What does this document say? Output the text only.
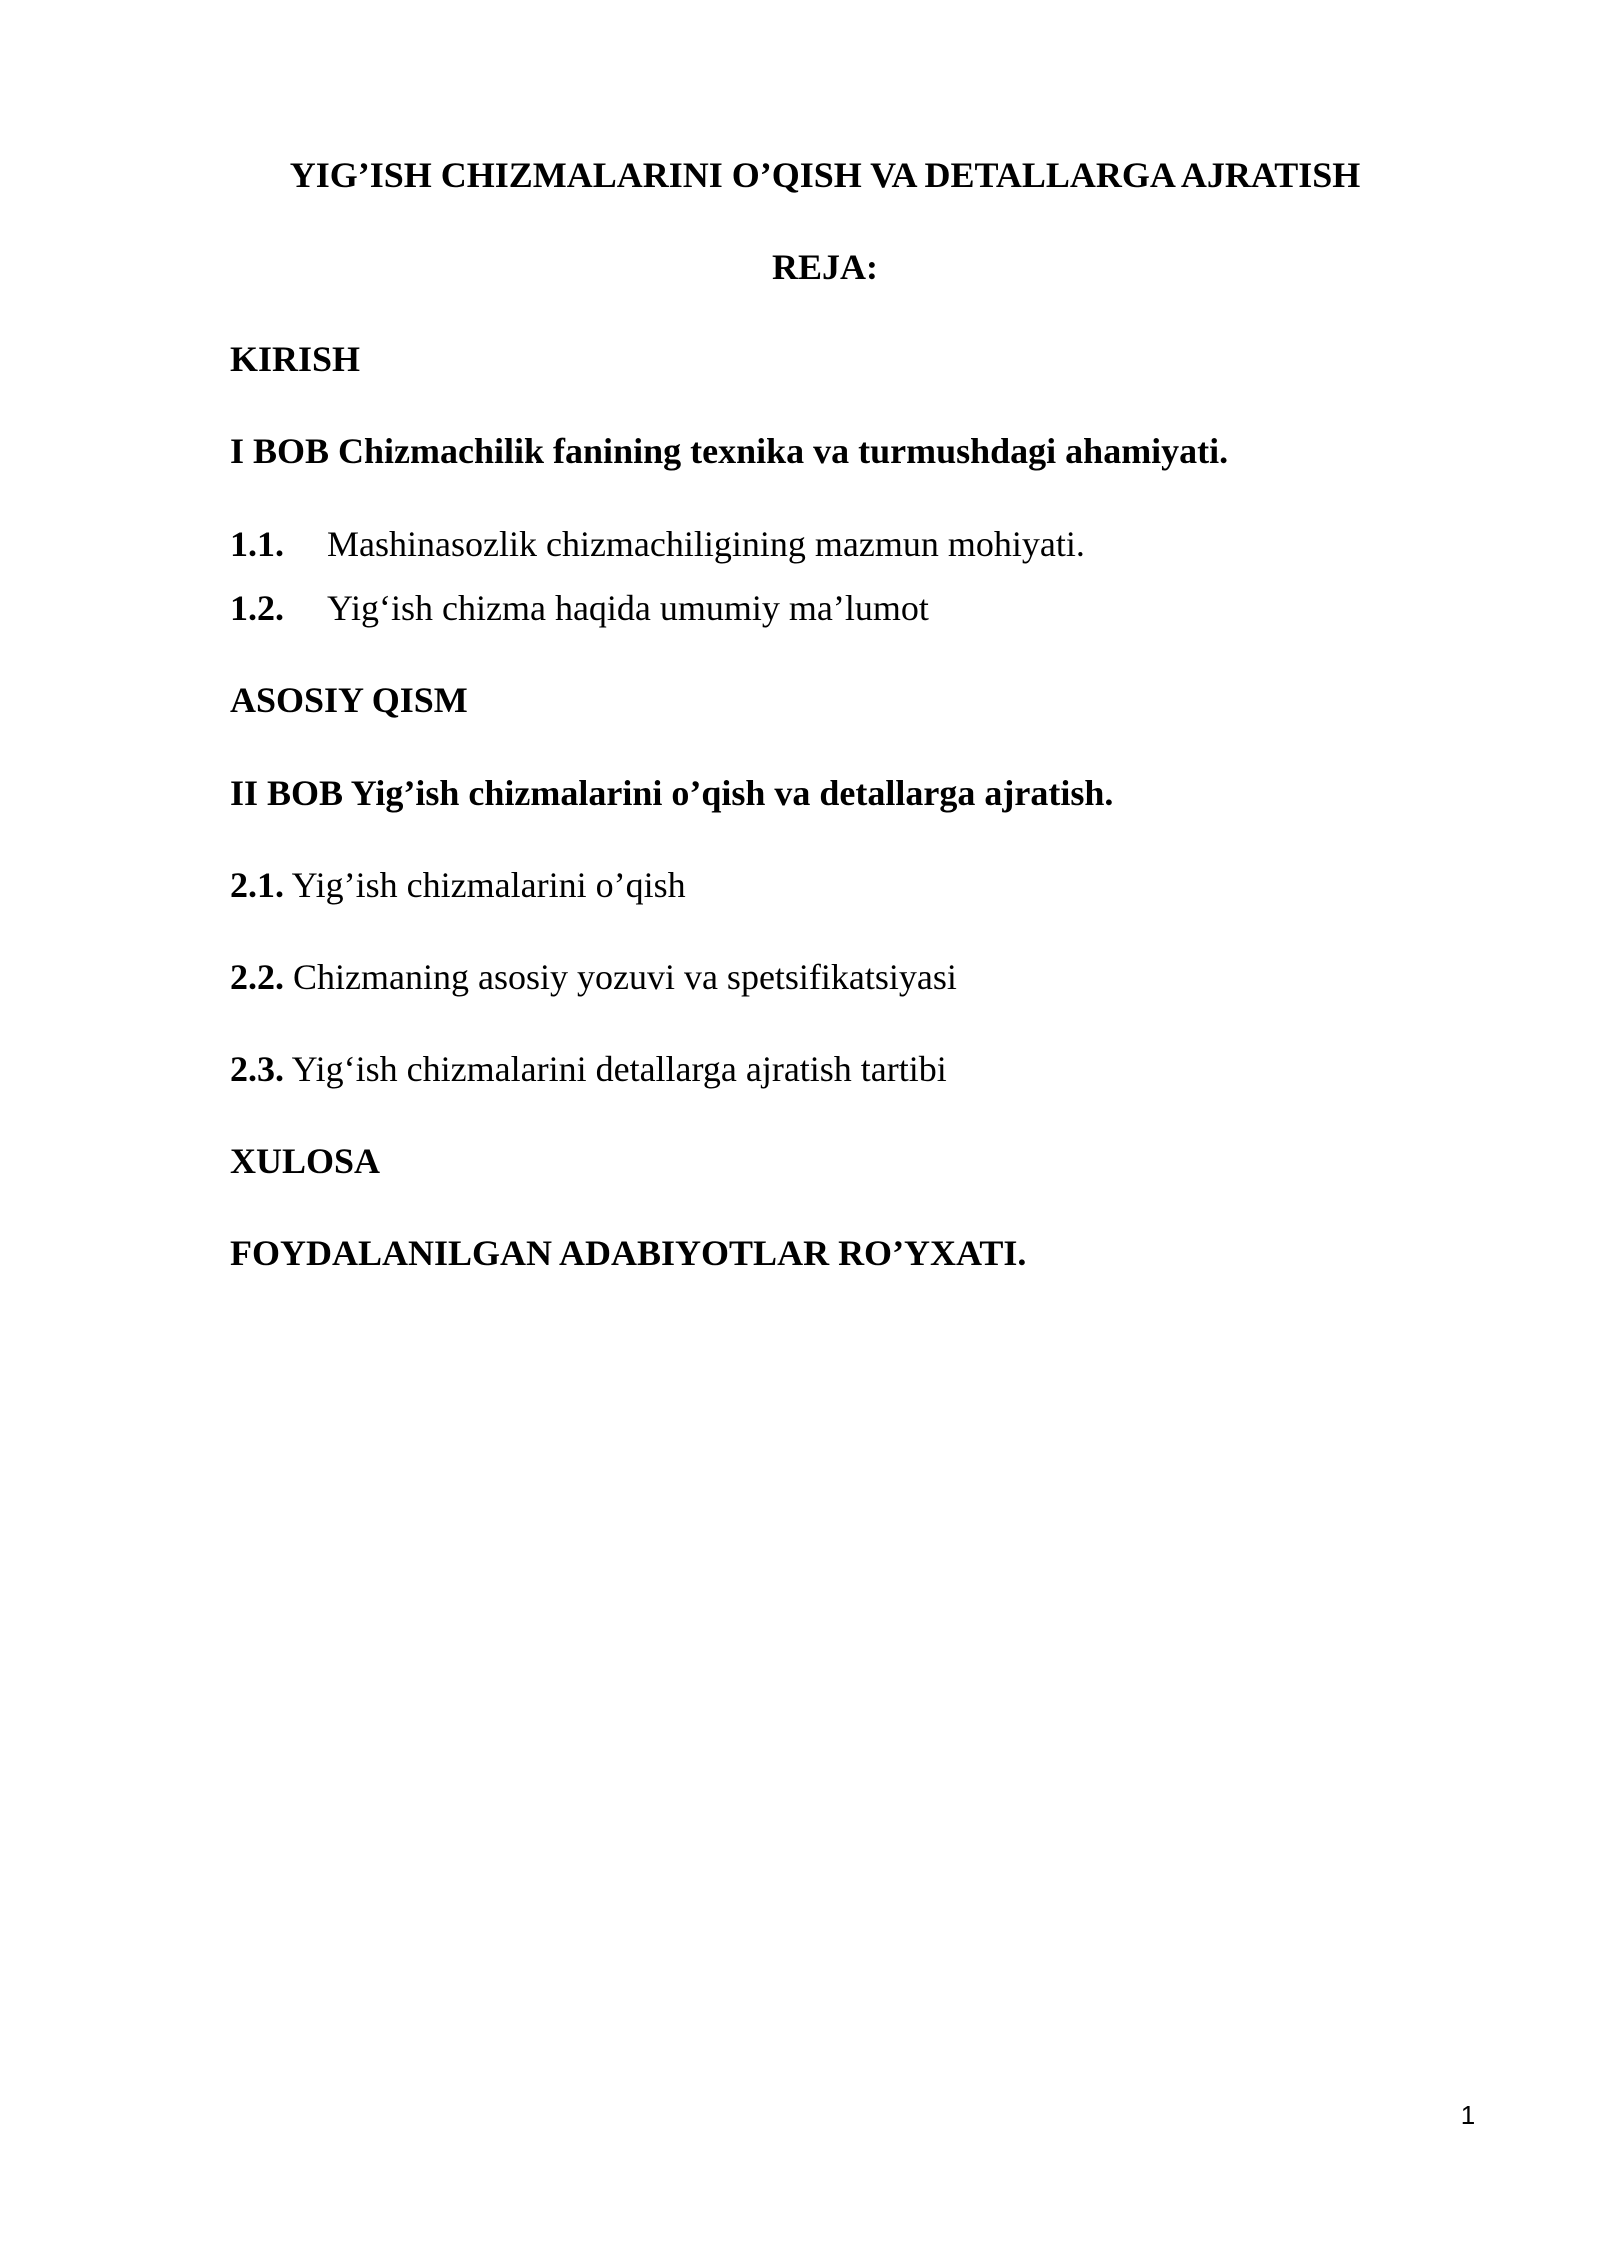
YIG’ISH CHIZMALARINI O’QISH VA DETALLARGA AJRATISH
REJA:
KIRISH
I BOB Chizmachilik fanining texnika va turmushdagi ahamiyati.
1.1. Mashinasozlik chizmachiligining mazmun mohiyati.
1.2. Yig‘ish chizma haqida umumiy ma’lumot
ASOSIY QISM
II BOB Yig’ish chizmalarini o’qish va detallarga ajratish.
2.1. Yig’ish chizmalarini o’qish
2.2. Chizmaning asosiy yozuvi va spetsifikatsiyasi
2.3. Yig‘ish chizmalarini detallarga ajratish tartibi
XULOSA
FOYDALANILGAN ADABIYOTLAR RO’YXATI.
1
